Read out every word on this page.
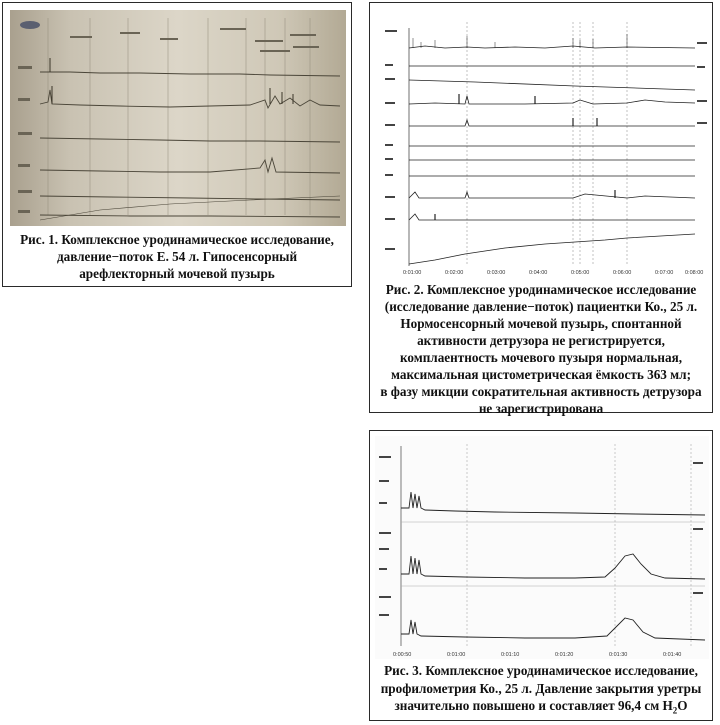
Рис. 1. Комплексное уродинамическое исследование,
давление−поток Е. 54 л. Гипосенсорный
арефлекторный мочевой пузырь	0:01:00	0:02:00	0:03:00	0:04:00	0:05:00	0:06:00	0:07:00 0:08:00
Рис. 2. Комплексное уродинамическое исследование
(исследование давление−поток) пациентки Ко., 25 л.
Нормосенсорный мочевой пузырь, спонтанной
активности детрузора не регистрируется,
комплаентность мочевого пузыря нормальная,
максимальная цистометрическая ёмкость 363 мл;
в фазу микции сократительная активность детрузора
не зарегистрирована
0:00:50	0:01:00	0:01:10	0:01:20	0:01:30	0:01:40
Рис. 3. Комплексное уродинамическое исследование,
профилометрия Ко., 25 л. Давление закрытия уретры
значительно повышено и составляет 96,4 см $H_2O$
